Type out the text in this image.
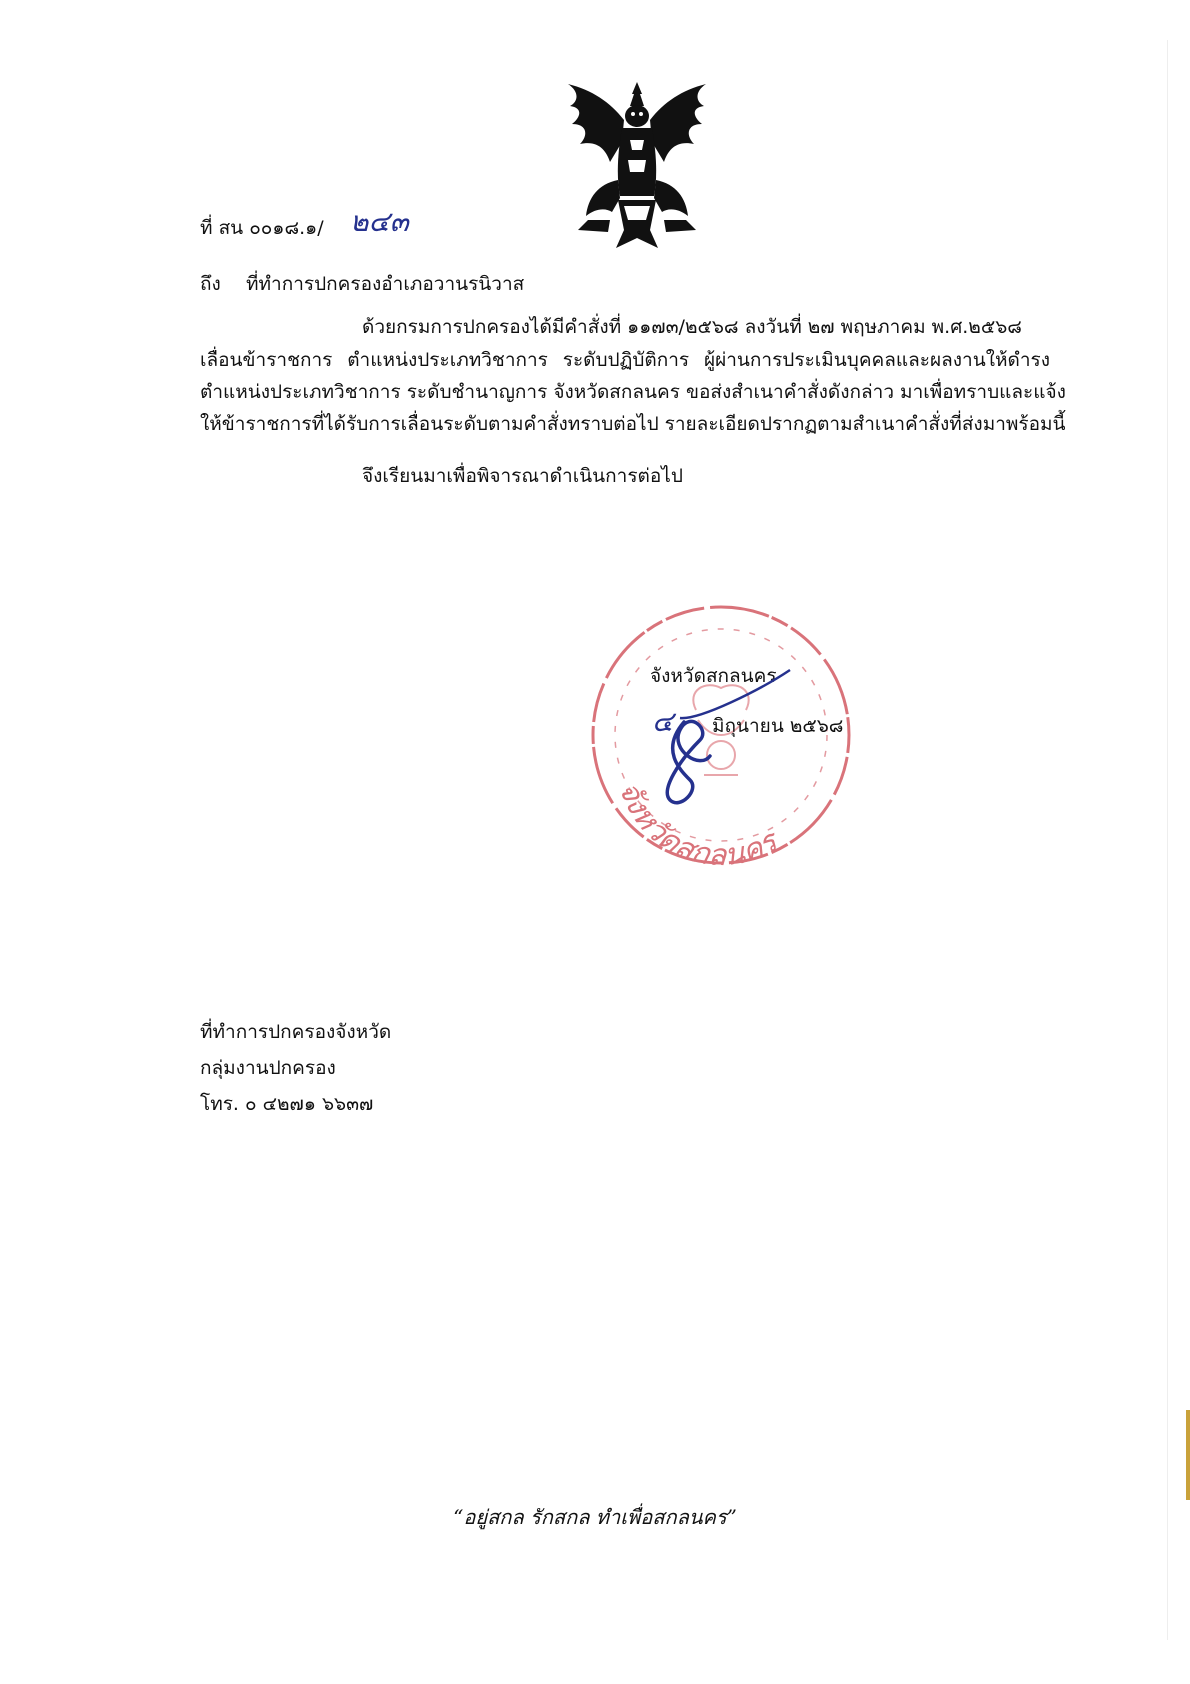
ที่ สน ๐๐๑๘.๑/ ๒๔๓
ถึง ที่ทำการปกครองอำเภอวานรนิวาส
ด้วยกรมการปกครองได้มีคำสั่งที่ ๑๑๗๓/๒๕๖๘ ลงวันที่ ๒๗ พฤษภาคม พ.ศ.๒๕๖๘
เลื่อนข้าราชการ ตำแหน่งประเภทวิชาการ ระดับปฏิบัติการ ผู้ผ่านการประเมินบุคคลและผลงานให้ดำรง
ตำแหน่งประเภทวิชาการ ระดับชำนาญการ จังหวัดสกลนคร ขอส่งสำเนาคำสั่งดังกล่าว มาเพื่อทราบและแจ้ง
ให้ข้าราชการที่ได้รับการเลื่อนระดับตามคำสั่งทราบต่อไป รายละเอียดปรากฏตามสำเนาคำสั่งที่ส่งมาพร้อมนี้
จึงเรียนมาเพื่อพิจารณาดำเนินการต่อไป
จังหวัดสกลนคร
จังหวัดสกลนคร
๔ มิถุนายน ๒๕๖๘
ที่ทำการปกครองจังหวัด
กลุ่มงานปกครอง
โทร. ๐ ๔๒๗๑ ๖๖๓๗
“อยู่สกล รักสกล ทำเพื่อสกลนคร”
